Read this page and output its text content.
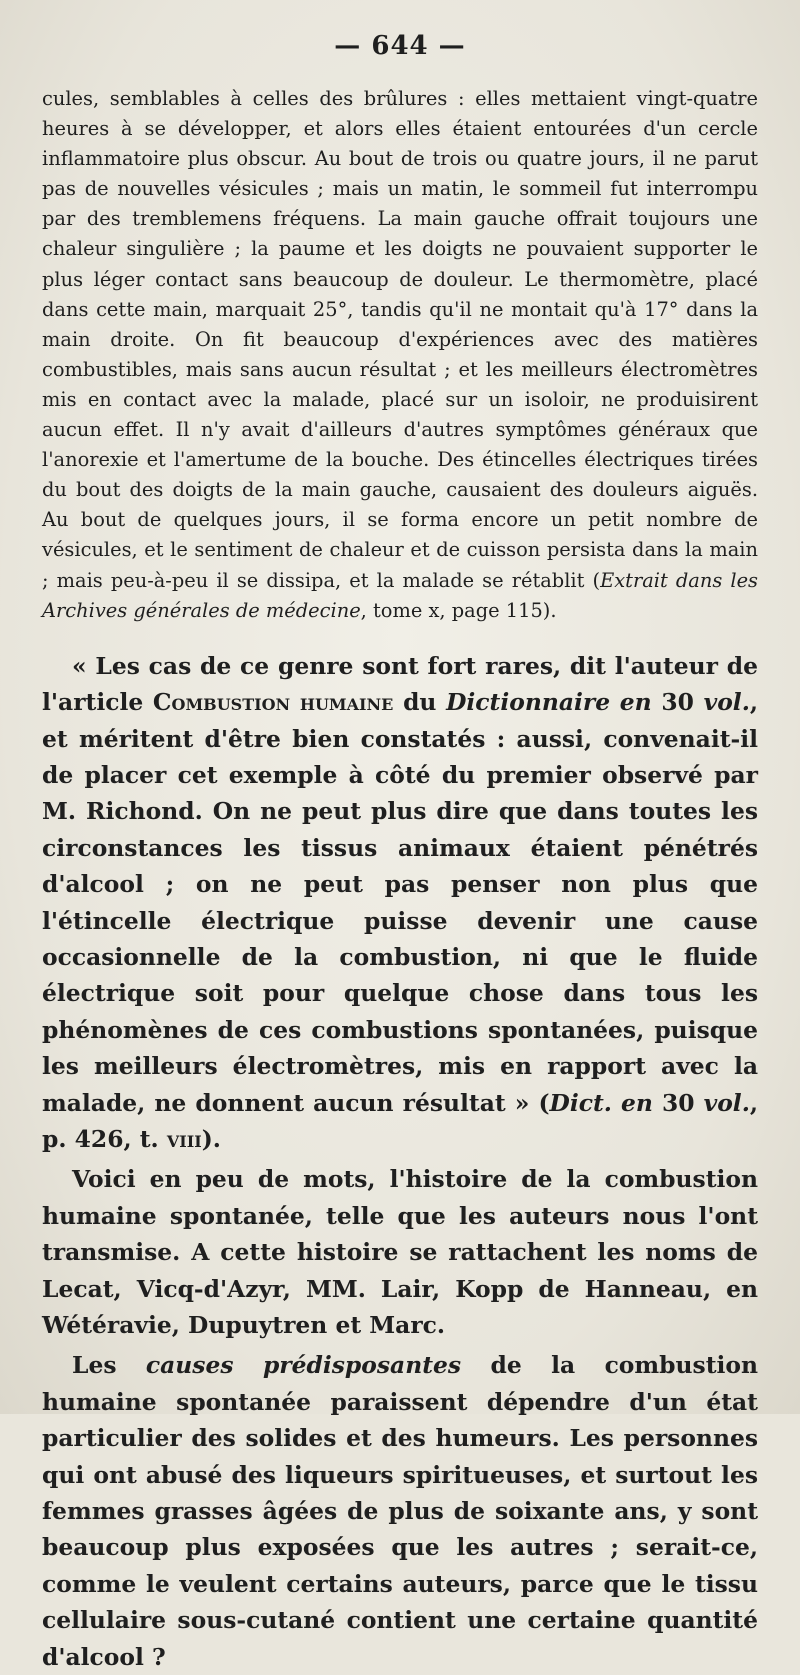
— 644 —

cules, semblables à celles des brûlures : elles mettaient vingt-quatre heures à se développer, et alors elles étaient entourées d'un cercle inflammatoire plus obscur. Au bout de trois ou quatre jours, il ne parut pas de nouvelles vésicules ; mais un matin, le sommeil fut interrompu par des tremblemens fréquens. La main gauche offrait toujours une chaleur singulière ; la paume et les doigts ne pouvaient supporter le plus léger contact sans beaucoup de douleur. Le thermomètre, placé dans cette main, marquait 25°, tandis qu'il ne montait qu'à 17° dans la main droite. On fit beaucoup d'expériences avec des matières combustibles, mais sans aucun résultat ; et les meilleurs électromètres mis en contact avec la malade, placé sur un isoloir, ne produisirent aucun effet. Il n'y avait d'ailleurs d'autres symptômes généraux que l'anorexie et l'amertume de la bouche. Des étincelles électriques tirées du bout des doigts de la main gauche, causaient des douleurs aiguës. Au bout de quelques jours, il se forma encore un petit nombre de vésicules, et le sentiment de chaleur et de cuisson persista dans la main ; mais peu-à-peu il se dissipa, et la malade se rétablit (Extrait dans les Archives générales de médecine, tome x, page 115).

« Les cas de ce genre sont fort rares, dit l'auteur de l'article Combustion humaine du Dictionnaire en 30 vol., et méritent d'être bien constatés : aussi, convenait-il de placer cet exemple à côté du premier observé par M. Richond. On ne peut plus dire que dans toutes les circonstances les tissus animaux étaient pénétrés d'alcool ; on ne peut pas penser non plus que l'étincelle électrique puisse devenir une cause occasionnelle de la combustion, ni que le fluide électrique soit pour quelque chose dans tous les phénomènes de ces combustions spontanées, puisque les meilleurs électromètres, mis en rapport avec la malade, ne donnent aucun résultat » (Dict. en 30 vol., p. 426, t. viii).

Voici en peu de mots, l'histoire de la combustion humaine spontanée, telle que les auteurs nous l'ont transmise. A cette histoire se rattachent les noms de Lecat, Vicq-d'Azyr, MM. Lair, Kopp de Hanneau, en Wétéravie, Dupuytren et Marc.

Les causes prédisposantes de la combustion humaine spontanée paraissent dépendre d'un état particulier des solides et des humeurs. Les personnes qui ont abusé des liqueurs spiritueuses, et surtout les femmes grasses âgées de plus de soixante ans, y sont beaucoup plus exposées que les autres ; serait-ce, comme le veulent certains auteurs, parce que le tissu cellulaire sous-cutané contient une certaine quantité d'alcool ?
